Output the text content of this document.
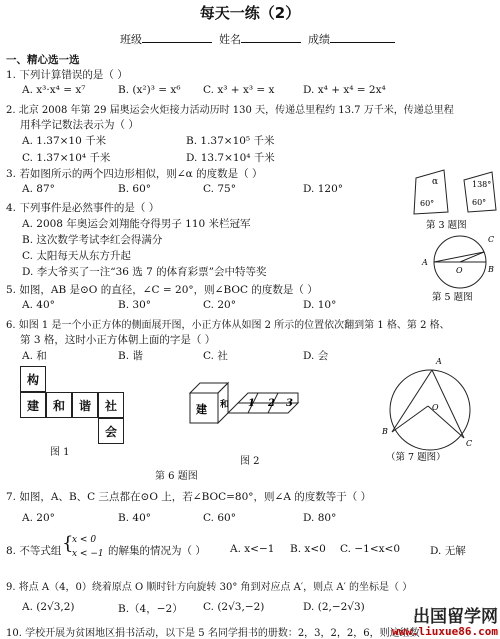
每天一练（2）
班级	姓名	成绩
一、精心选一选
1. 下列计算错误的是（ ）
A. x³·x⁴ = x⁷	B. (x²)³ = x⁶ C. x³ + x³ = x	D. x⁴ + x⁴ = 2x⁴
2. 北京 2008 年第 29 届奥运会火炬接力活动历时 130 天，传递总里程约 13.7 万千米，传递总里程
用科学记数法表示为（ ）
A. 1.37×10 千米	B. 1.37×10⁵ 千米
C. 1.37×10⁴ 千米	D. 13.7×10⁴ 千米
3. 若如图所示的两个四边形相似，则∠α 的度数是（ ）
A. 87°	B. 60°	C. 75°	D. 120°
α
60°	60°
138°
第 3 题图
4. 下列事件是必然事件的是（ ）
A. 2008 年奥运会刘翔能夺得男子 110 米栏冠军
B. 这次数学考试李红会得满分
C. 太阳每天从东方升起
D. 李大爷买了一注“36 选 7 的体育彩票”会中特等奖
A
B
C
O
第 5 题图
5. 如图，AB 是⊙O 的直径，∠C = 20°，则∠BOC 的度数是（ ）
A. 40°	B. 30°	C. 20°	D. 10°
6. 如图 1 是一个小正方体的侧面展开图，小正方体从如图 2 所示的位置依次翻到第 1 格、第 2 格、
第 3 格，这时小正方体朝上面的字是（ ）
A. 和	B. 谐	C. 社	D. 会
构
建	和	谐	社
会
图 1
建 和 1 2 3
图 2
第 6 题图
A
B
C
O
（第 7 题图）
7. 如图，A、B、C 三点都在⊙O 上，若∠BOC=80°，则∠A 的度数等于（ ）
A. 20°	B. 40°	C. 60°	D. 80°
8. 不等式组 {
x < 0
x < −1 的解集的情况为（ ） A. x<−1 B. x<0 C. −1<x<0	D. 无解
9. 将点 A（4，0）绕着原点 O 顺时针方向旋转 30° 角到对应点 A′，则点 A′ 的坐标是（ ）
A. (2√3,2)	B.（4，−2） C. (2√3,−2)	D. (2,−2√3)
10. 学校开展为贫困地区捐书活动，以下是 5 名同学捐书的册数：2，3，2，2，6，则这组数
出国留学网
www.liuxue86.com
